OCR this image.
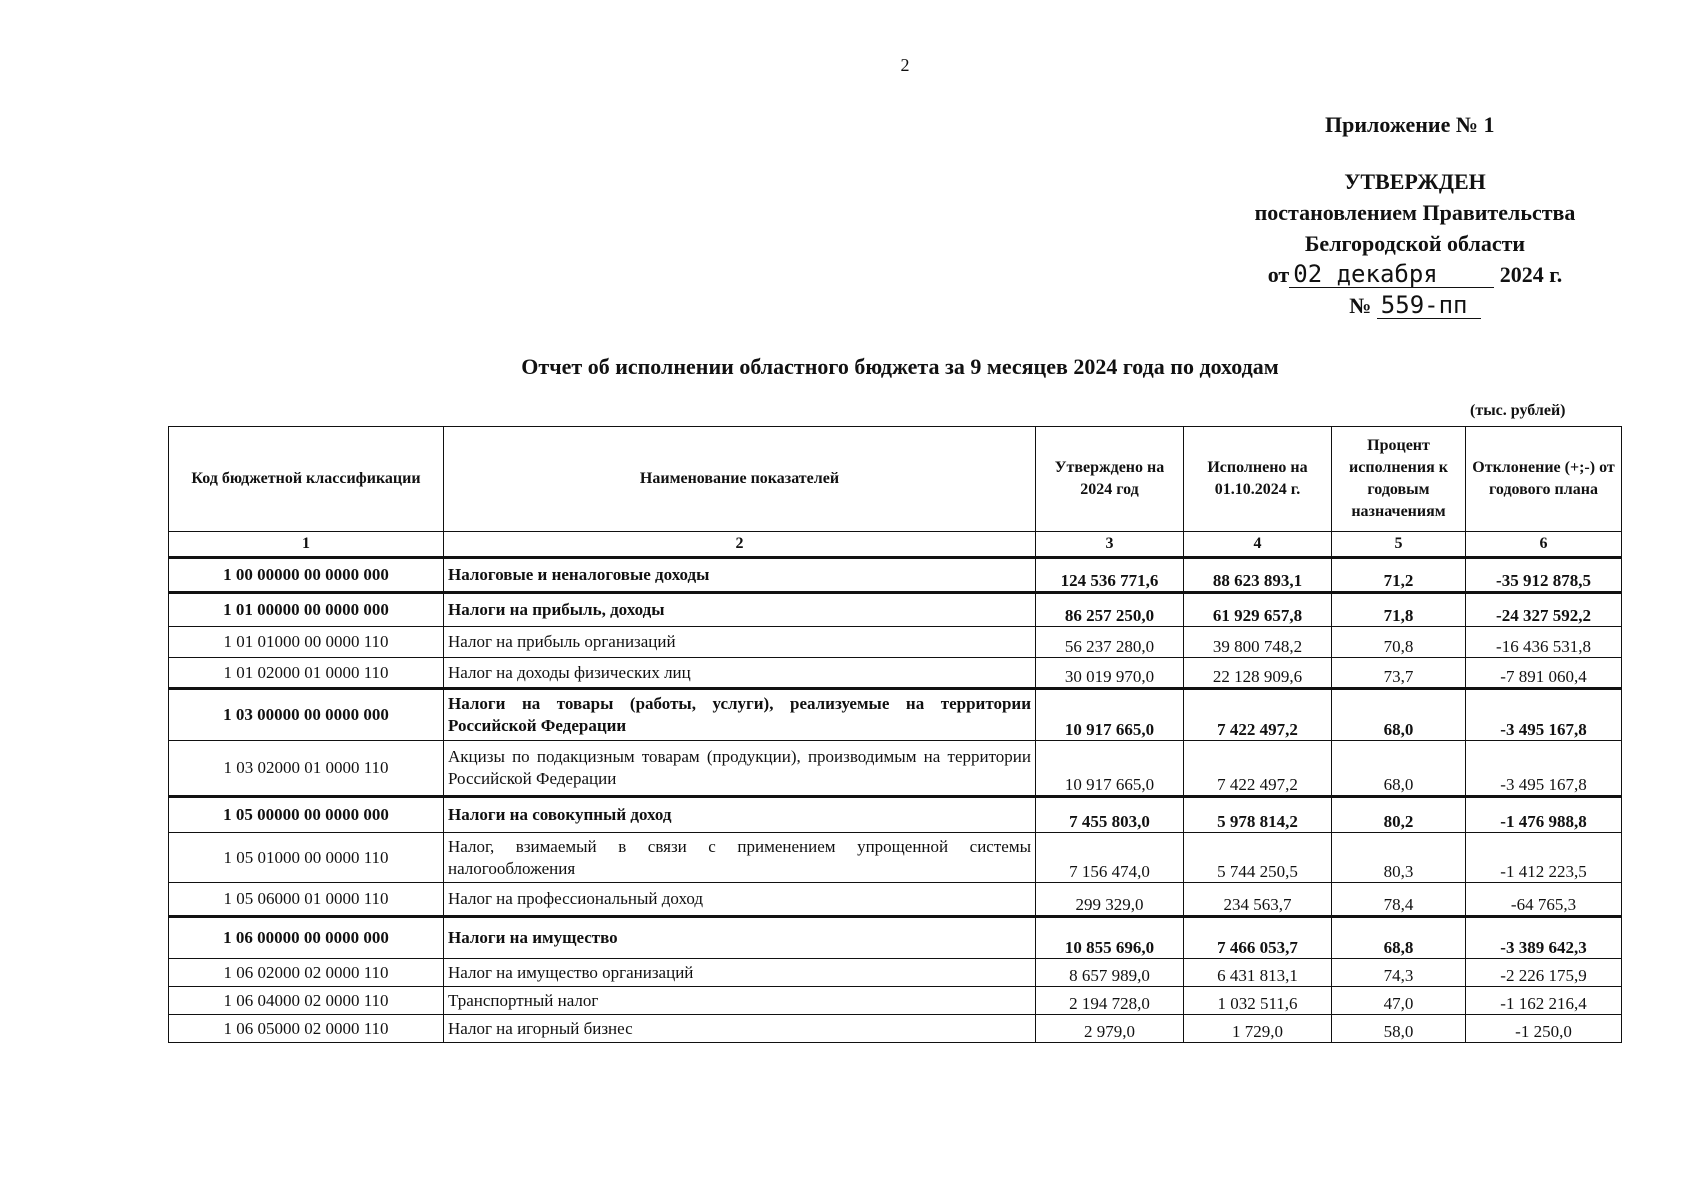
2
Приложение № 1
УТВЕРЖДЕН
постановлением Правительства
Белгородской области
от 02 декабря	2024 г.
№ 559-пп
Отчет об исполнении областного бюджета за 9 месяцев 2024 года по доходам
(тыс. рублей)
Код бюджетной классификации	Наименование показателей	Утверждено на 2024 год	Исполнено на 01.10.2024 г.	Процент исполнения к годовым назначениям	Отклонение (+;-) от годового плана
1	2	3	4	5	6
1 00 00000 00 0000 000	Налоговые и неналоговые доходы	124 536 771,6	88 623 893,1	71,2	-35 912 878,5
1 01 00000 00 0000 000	Налоги на прибыль, доходы	86 257 250,0	61 929 657,8	71,8	-24 327 592,2
1 01 01000 00 0000 110	Налог на прибыль организаций	56 237 280,0	39 800 748,2	70,8	-16 436 531,8
1 01 02000 01 0000 110	Налог на доходы физических лиц	30 019 970,0	22 128 909,6	73,7	-7 891 060,4
1 03 00000 00 0000 000	Налоги на товары (работы, услуги), реализуемые на территории Российской Федерации	10 917 665,0	7 422 497,2	68,0	-3 495 167,8
1 03 02000 01 0000 110	Акцизы по подакцизным товарам (продукции), производимым на территории Российской Федерации	10 917 665,0	7 422 497,2	68,0	-3 495 167,8
1 05 00000 00 0000 000	Налоги на совокупный доход	7 455 803,0	5 978 814,2	80,2	-1 476 988,8
1 05 01000 00 0000 110	Налог, взимаемый в связи с применением упрощенной системы налогообложения	7 156 474,0	5 744 250,5	80,3	-1 412 223,5
1 05 06000 01 0000 110	Налог на профессиональный доход	299 329,0	234 563,7	78,4	-64 765,3
1 06 00000 00 0000 000	Налоги на имущество	10 855 696,0	7 466 053,7	68,8	-3 389 642,3
1 06 02000 02 0000 110	Налог на имущество организаций	8 657 989,0	6 431 813,1	74,3	-2 226 175,9
1 06 04000 02 0000 110	Транспортный налог	2 194 728,0	1 032 511,6	47,0	-1 162 216,4
1 06 05000 02 0000 110	Налог на игорный бизнес	2 979,0	1 729,0	58,0	-1 250,0
